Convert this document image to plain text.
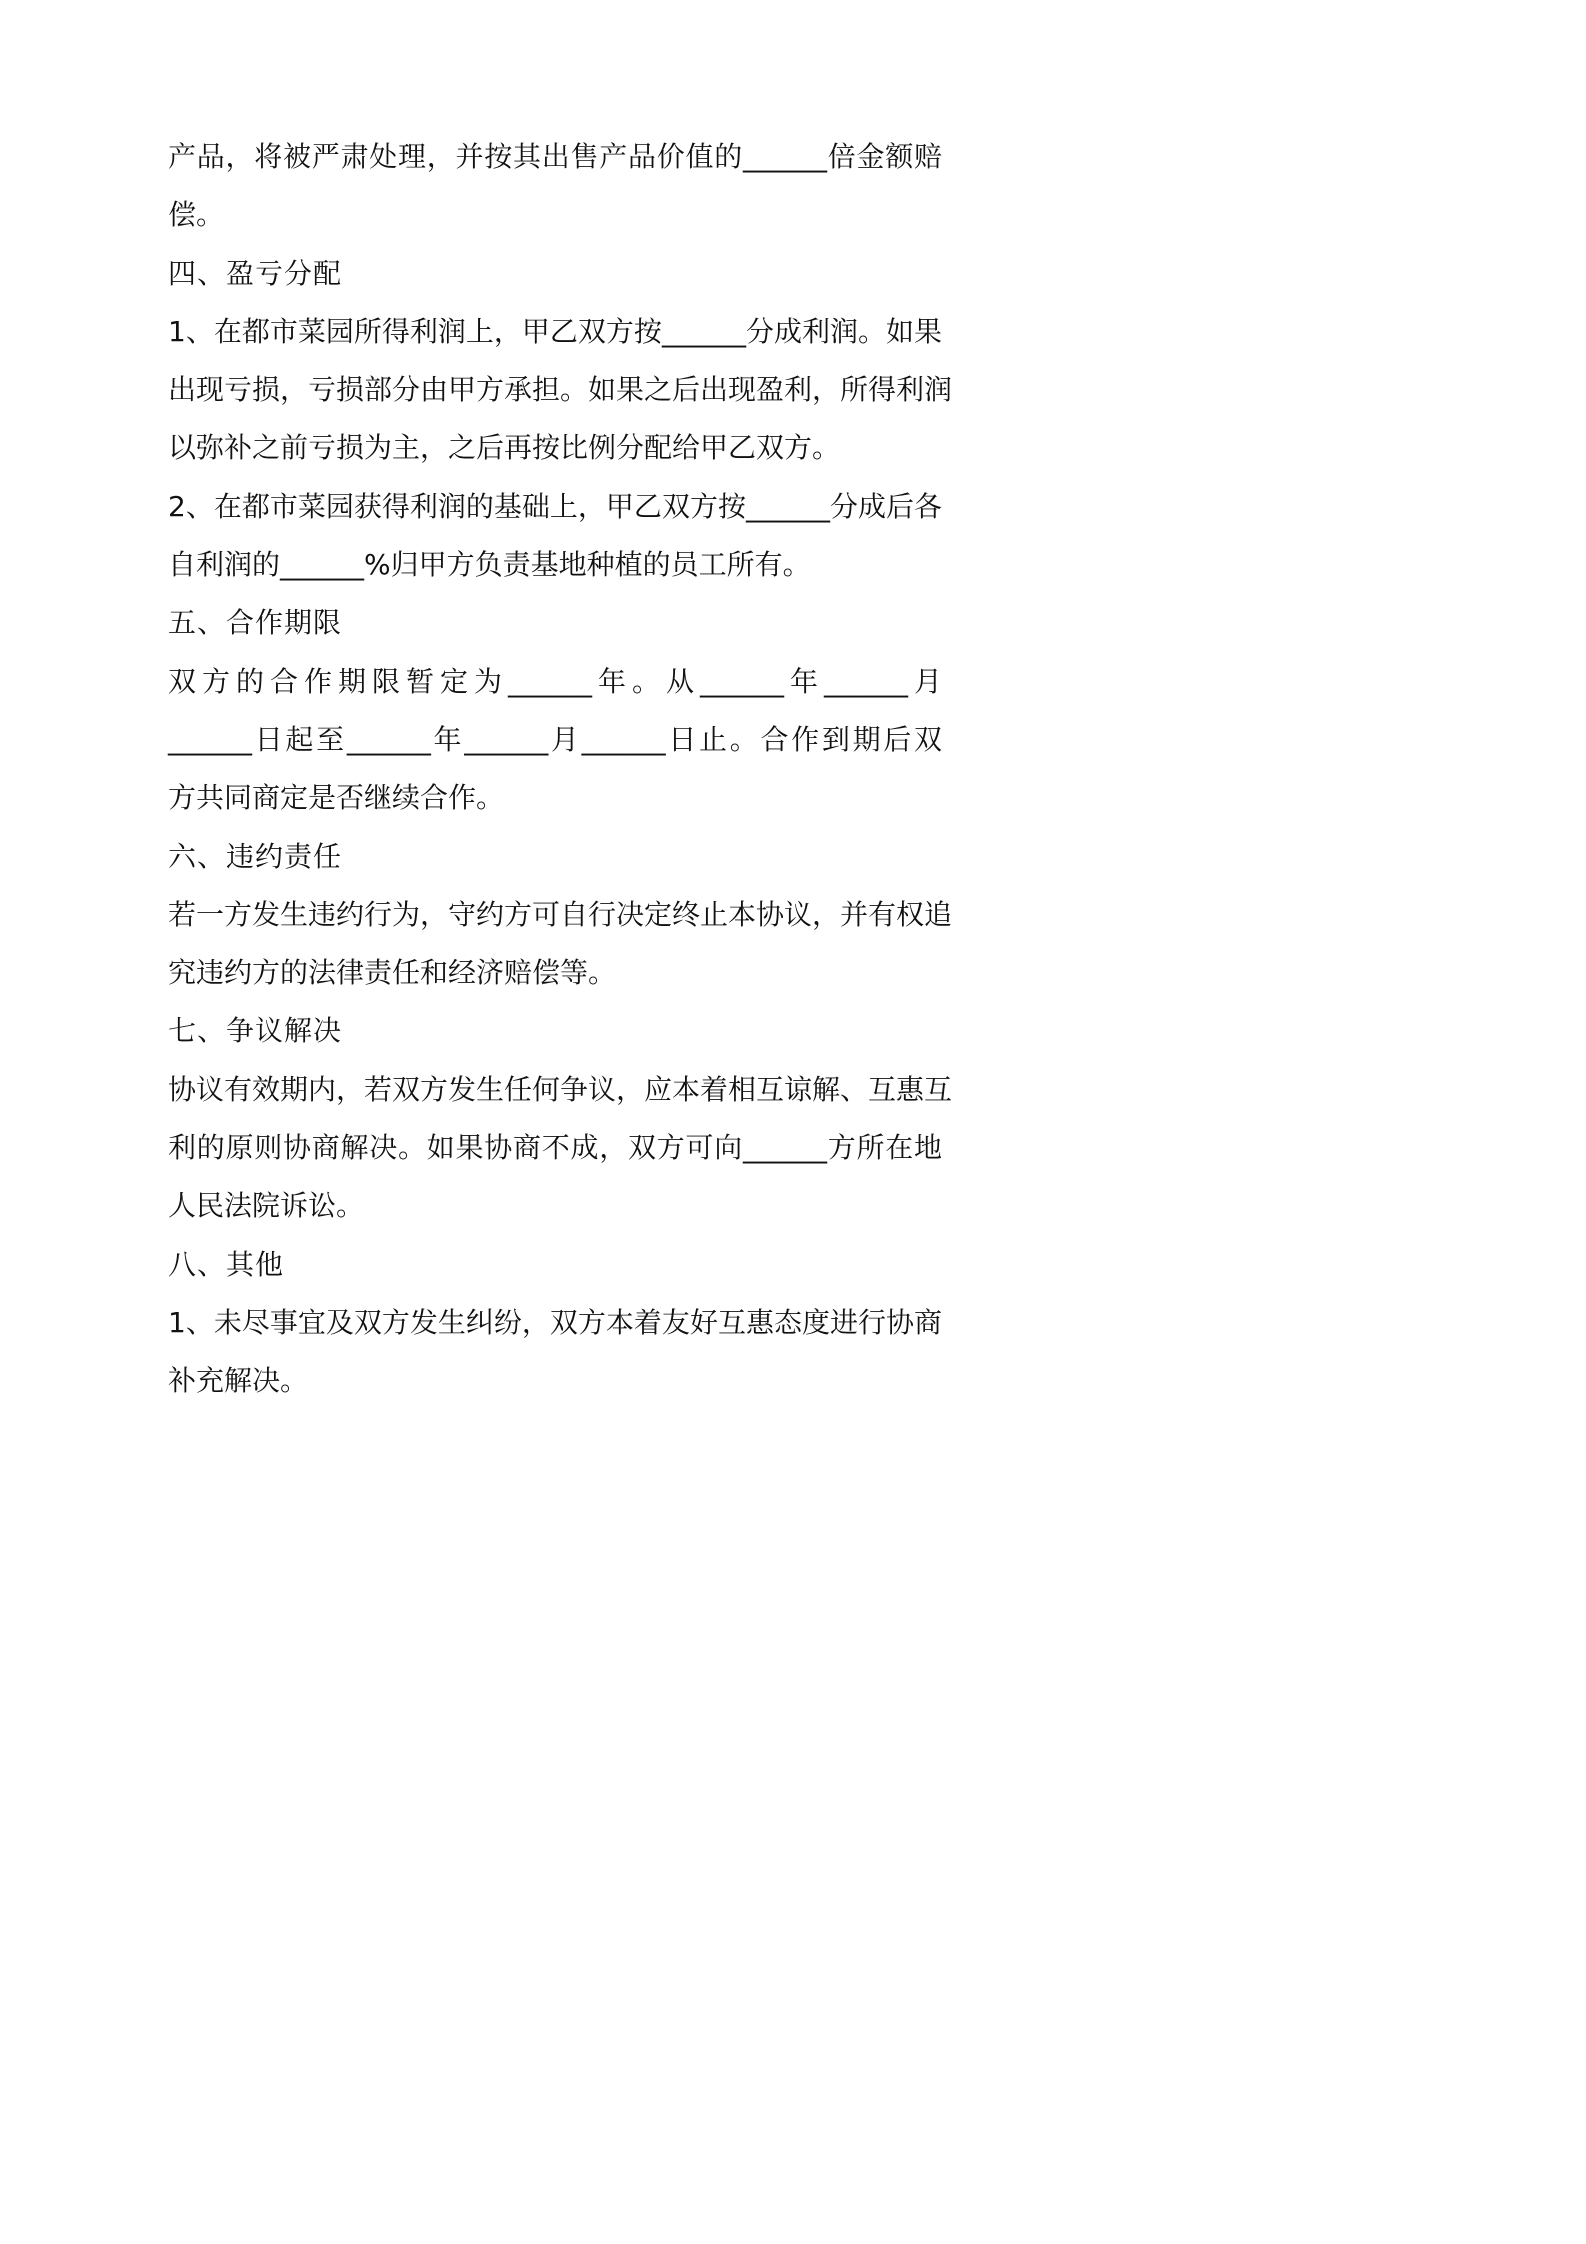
产品，将被严肃处理，并按其出售产品价值的______倍金额赔
偿。
四、盈亏分配
1、在都市菜园所得利润上，甲乙双方按______分成利润。如果
出现亏损，亏损部分由甲方承担。如果之后出现盈利，所得利润
以弥补之前亏损为主，之后再按比例分配给甲乙双方。
2、在都市菜园获得利润的基础上，甲乙双方按______分成后各
自利润的______%归甲方负责基地种植的员工所有。
五、合作期限
双方的合作期限暂定为______年。从______年______月
______日起至______年______月______日止。合作到期后双
方共同商定是否继续合作。
六、违约责任
若一方发生违约行为，守约方可自行决定终止本协议，并有权追
究违约方的法律责任和经济赔偿等。
七、争议解决
协议有效期内，若双方发生任何争议，应本着相互谅解、互惠互
利的原则协商解决。如果协商不成，双方可向______方所在地
人民法院诉讼。
八、其他
1、未尽事宜及双方发生纠纷，双方本着友好互惠态度进行协商
补充解决。
